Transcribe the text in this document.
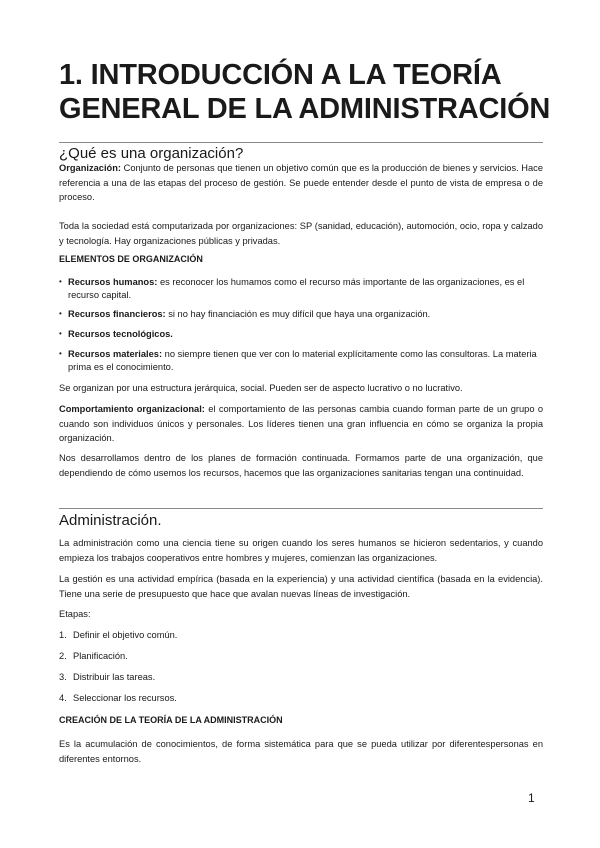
1. INTRODUCCIÓN A LA TEORÍA
GENERAL DE LA ADMINISTRACIÓN
¿Qué es una organización?

Organización: Conjunto de personas que tienen un objetivo común que es la producción de bienes y servicios. Hace referencia a una de las etapas del proceso de gestión. Se puede entender desde el punto de vista de empresa o de proceso.

Toda la sociedad está computarizada por organizaciones: SP (sanidad, educación), automoción, ocio, ropa y calzado y tecnología. Hay organizaciones públicas y privadas.

ELEMENTOS DE ORGANIZACIÓN

• Recursos humanos: es reconocer los humamos como el recurso más importante de las organizaciones, es el recurso capital.
• Recursos financieros: si no hay financiación es muy difícil que haya una organización.
• Recursos tecnológicos.
• Recursos materiales: no siempre tienen que ver con lo material explícitamente como las consultoras. La materia prima es el conocimiento.

Se organizan por una estructura jerárquica, social. Pueden ser de aspecto lucrativo o no lucrativo.

Comportamiento organizacional: el comportamiento de las personas cambia cuando forman parte de un grupo o cuando son individuos únicos y personales. Los líderes tienen una gran influencia en cómo se organiza la propia organización.

Nos desarrollamos dentro de los planes de formación continuada. Formamos parte de una organización, que dependiendo de cómo usemos los recursos, hacemos que las organizaciones sanitarias tengan una continuidad.

Administración.

La administración como una ciencia tiene su origen cuando los seres humanos se hicieron sedentarios, y cuando empieza los trabajos cooperativos entre hombres y mujeres, comienzan las organizaciones.

La gestión es una actividad empírica (basada en la experiencia) y una actividad científica (basada en la evidencia). Tiene una serie de presupuesto que hace que avalan nuevas líneas de investigación.

Etapas:

1. Definir el objetivo común.
2. Planificación.
3. Distribuir las tareas.
4. Seleccionar los recursos.

CREACIÓN DE LA TEORÍA DE LA ADMINISTRACIÓN

Es la acumulación de conocimientos, de forma sistemática para que se pueda utilizar por diferentespersonas en diferentes entornos.

1
